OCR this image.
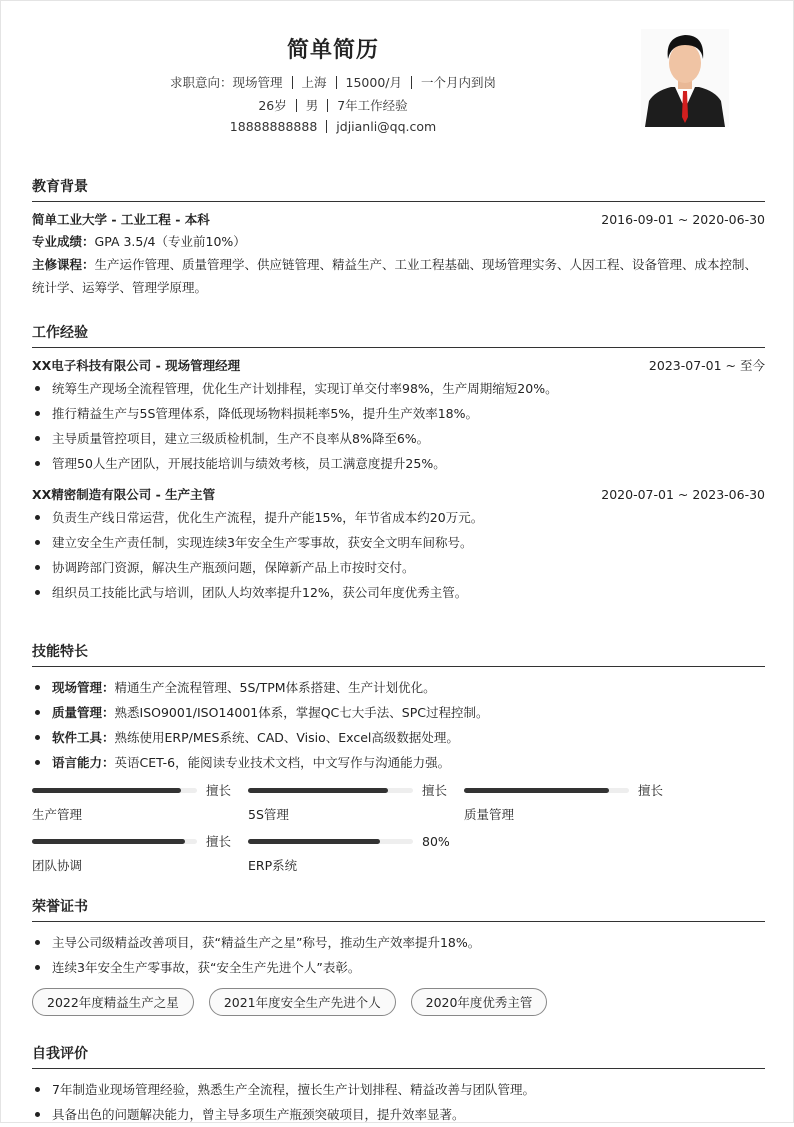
简单简历
求职意向：现场管理 上海 15000/月 一个月内到岗
26岁 男 7年工作经验
18888888888 jdjianli@qq.com
教育背景
简单工业大学 - 工业工程 - 本科	2016-09-01 ~ 2020-06-30
专业成绩：GPA 3.5/4（专业前10%）
主修课程：生产运作管理、质量管理学、供应链管理、精益生产、工业工程基础、现场管理实务、人因工程、设备管理、成本控制、统计学、运筹学、管理学原理。
工作经验
XX电子科技有限公司 - 现场管理经理	2023-07-01 ~ 至今
统筹生产现场全流程管理，优化生产计划排程，实现订单交付率98%，生产周期缩短20%。
推行精益生产与5S管理体系，降低现场物料损耗率5%，提升生产效率18%。
主导质量管控项目，建立三级质检机制，生产不良率从8%降至6%。
管理50人生产团队，开展技能培训与绩效考核，员工满意度提升25%。
XX精密制造有限公司 - 生产主管	2020-07-01 ~ 2023-06-30
负责生产线日常运营，优化生产流程，提升产能15%，年节省成本约20万元。
建立安全生产责任制，实现连续3年安全生产零事故，获安全文明车间称号。
协调跨部门资源，解决生产瓶颈问题，保障新产品上市按时交付。
组织员工技能比武与培训，团队人均效率提升12%，获公司年度优秀主管。
技能特长
现场管理：精通生产全流程管理、5S/TPM体系搭建、生产计划优化。
质量管理：熟悉ISO9001/ISO14001体系，掌握QC七大手法、SPC过程控制。
软件工具：熟练使用ERP/MES系统、CAD、Visio、Excel高级数据处理。
语言能力：英语CET-6，能阅读专业技术文档，中文写作与沟通能力强。
擅长
生产管理
擅长
5S管理
擅长
质量管理
擅长
团队协调
80%
ERP系统
荣誉证书
主导公司级精益改善项目，获“精益生产之星”称号，推动生产效率提升18%。
连续3年安全生产零事故，获“安全生产先进个人”表彰。
2022年度精益生产之星	2021年度安全生产先进个人	2020年度优秀主管
自我评价
7年制造业现场管理经验，熟悉生产全流程，擅长生产计划排程、精益改善与团队管理。
具备出色的问题解决能力，曾主导多项生产瓶颈突破项目，提升效率显著。
